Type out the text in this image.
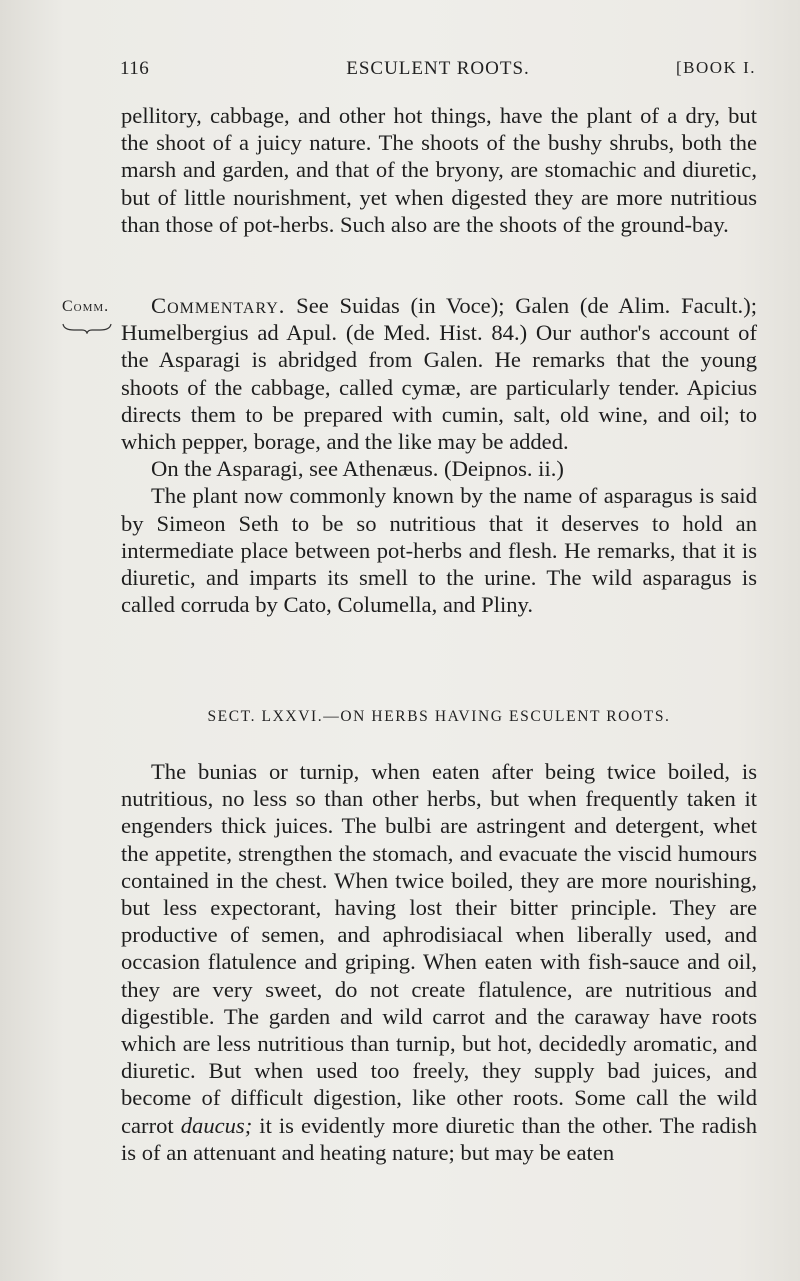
116	ESCULENT ROOTS.	[BOOK I.

pellitory, cabbage, and other hot things, have the plant of a dry, but the shoot of a juicy nature. The shoots of the bushy shrubs, both the marsh and garden, and that of the bryony, are stomachic and diuretic, but of little nourishment, yet when digested they are more nutritious than those of pot-herbs. Such also are the shoots of the ground-bay.

Comm.	Commentary. See Suidas (in Voce); Galen (de Alim. Facult.); Humelbergius ad Apul. (de Med. Hist. 84.) Our author's account of the Asparagi is abridged from Galen. He remarks that the young shoots of the cabbage, called cymæ, are particularly tender. Apicius directs them to be prepared with cumin, salt, old wine, and oil; to which pepper, borage, and the like may be added.

On the Asparagi, see Athenæus. (Deipnos. ii.)

The plant now commonly known by the name of asparagus is said by Simeon Seth to be so nutritious that it deserves to hold an intermediate place between pot-herbs and flesh. He remarks, that it is diuretic, and imparts its smell to the urine. The wild asparagus is called corruda by Cato, Columella, and Pliny.

SECT. LXXVI.—ON HERBS HAVING ESCULENT ROOTS.

The bunias or turnip, when eaten after being twice boiled, is nutritious, no less so than other herbs, but when frequently taken it engenders thick juices. The bulbi are astringent and detergent, whet the appetite, strengthen the stomach, and evacuate the viscid humours contained in the chest. When twice boiled, they are more nourishing, but less expectorant, having lost their bitter principle. They are productive of semen, and aphrodisiacal when liberally used, and occasion flatulence and griping. When eaten with fish-sauce and oil, they are very sweet, do not create flatulence, are nutritious and digestible. The garden and wild carrot and the caraway have roots which are less nutritious than turnip, but hot, decidedly aromatic, and diuretic. But when used too freely, they supply bad juices, and become of difficult digestion, like other roots. Some call the wild carrot daucus; it is evidently more diuretic than the other. The radish is of an attenuant and heating nature; but may be eaten
